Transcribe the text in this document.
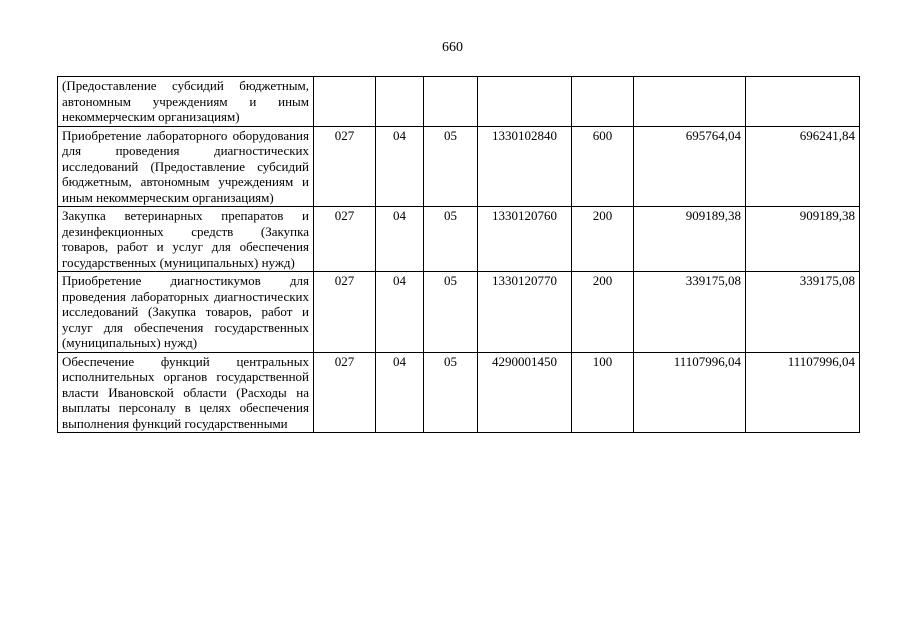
660
(Предоставление субсидий бюджетным, автономным учреждениям и иным некоммерческим организациям)							
Приобретение лабораторного оборудования для проведения диагностических исследований (Предоставление субсидий бюджетным, автономным учреждениям и иным некоммерческим организациям)	027	04	05	1330102840	600	695764,04	696241,84
Закупка ветеринарных препаратов и дезинфекционных средств (Закупка товаров, работ и услуг для обеспечения государственных (муниципальных) нужд)	027	04	05	1330120760	200	909189,38	909189,38
Приобретение диагностикумов для проведения лабораторных диагностических исследований (Закупка товаров, работ и услуг для обеспечения государственных (муниципальных) нужд)	027	04	05	1330120770	200	339175,08	339175,08
Обеспечение функций центральных исполнительных органов государственной власти Ивановской области (Расходы на выплаты персоналу в целях обеспечения выполнения функций государственными	027	04	05	4290001450	100	11107996,04	11107996,04
